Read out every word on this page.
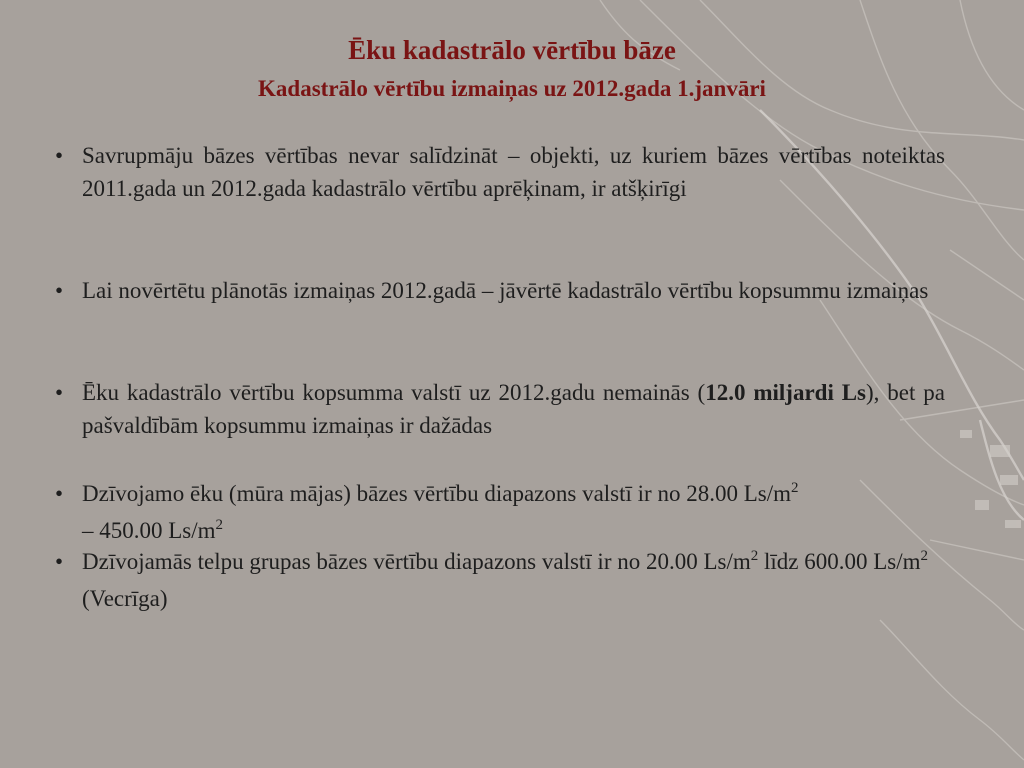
Ēku kadastrālo vērtību bāze
Kadastrālo vērtību izmaiņas uz 2012.gada 1.janvāri
• Savrupmāju bāzes vērtības nevar salīdzināt – objekti, uz kuriem bāzes vērtības noteiktas 2011.gada un 2012.gada kadastrālo vērtību aprēķinam, ir atšķirīgi
• Lai novērtētu plānotās izmaiņas 2012.gadā – jāvērtē kadastrālo vērtību kopsummu izmaiņas
• Ēku kadastrālo vērtību kopsumma valstī uz 2012.gadu nemainās (12.0 miljardi Ls), bet pa pašvaldībām kopsummu izmaiņas ir dažādas
• Dzīvojamo ēku (mūra mājas) bāzes vērtību diapazons valstī ir no 28.00 $Ls/m^2$
– 450.00 $Ls/m^2$
• Dzīvojamās telpu grupas bāzes vērtību diapazons valstī ir no 20.00 $Ls/m^2$ līdz 600.00 $Ls/m^2$ (Vecrīga)
